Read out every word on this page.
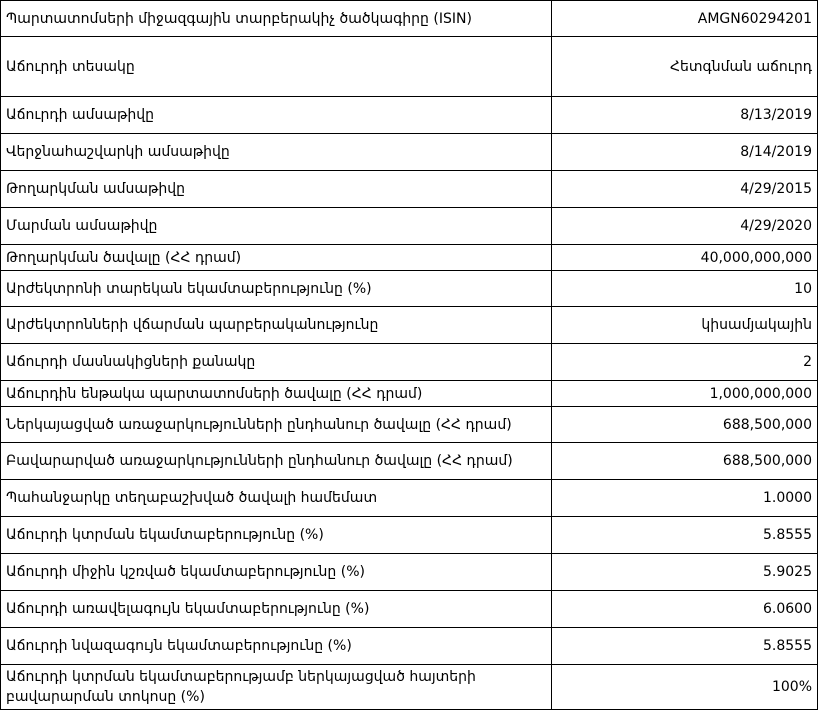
Պարտատոմսերի միջազգային տարբերակիչ ծածկագիրը (ISIN)	AMGN60294201
Աճուրդի տեսակը	Հետգնման աճուրդ
Աճուրդի ամսաթիվը	8/13/2019
Վերջնահաշվարկի ամսաթիվը	8/14/2019
Թողարկման ամսաթիվը	4/29/2015
Մարման ամսաթիվը	4/29/2020
Թողարկման ծավալը (ՀՀ դրամ)	40,000,000,000
Արժեկտրոնի տարեկան եկամտաբերությունը (%)	10
Արժեկտրոնների վճարման պարբերականությունը	կիսամյակային
Աճուրդի մասնակիցների քանակը	2
Աճուրդին ենթակա պարտատոմսերի ծավալը (ՀՀ դրամ)	1,000,000,000
Ներկայացված առաջարկությունների ընդհանուր ծավալը (ՀՀ դրամ)	688,500,000
Բավարարված առաջարկությունների ընդհանուր ծավալը (ՀՀ դրամ)	688,500,000
Պահանջարկը տեղաբաշխված ծավալի համեմատ	1.0000
Աճուրդի կտրման եկամտաբերությունը (%)	5.8555
Աճուրդի միջին կշռված եկամտաբերությունը (%)	5.9025
Աճուրդի առավելագույն եկամտաբերությունը (%)	6.0600
Աճուրդի նվազագույն եկամտաբերությունը (%)	5.8555
Աճուրդի կտրման եկամտաբերությամբ ներկայացված հայտերի բավարարման տոկոսը (%)	100%
